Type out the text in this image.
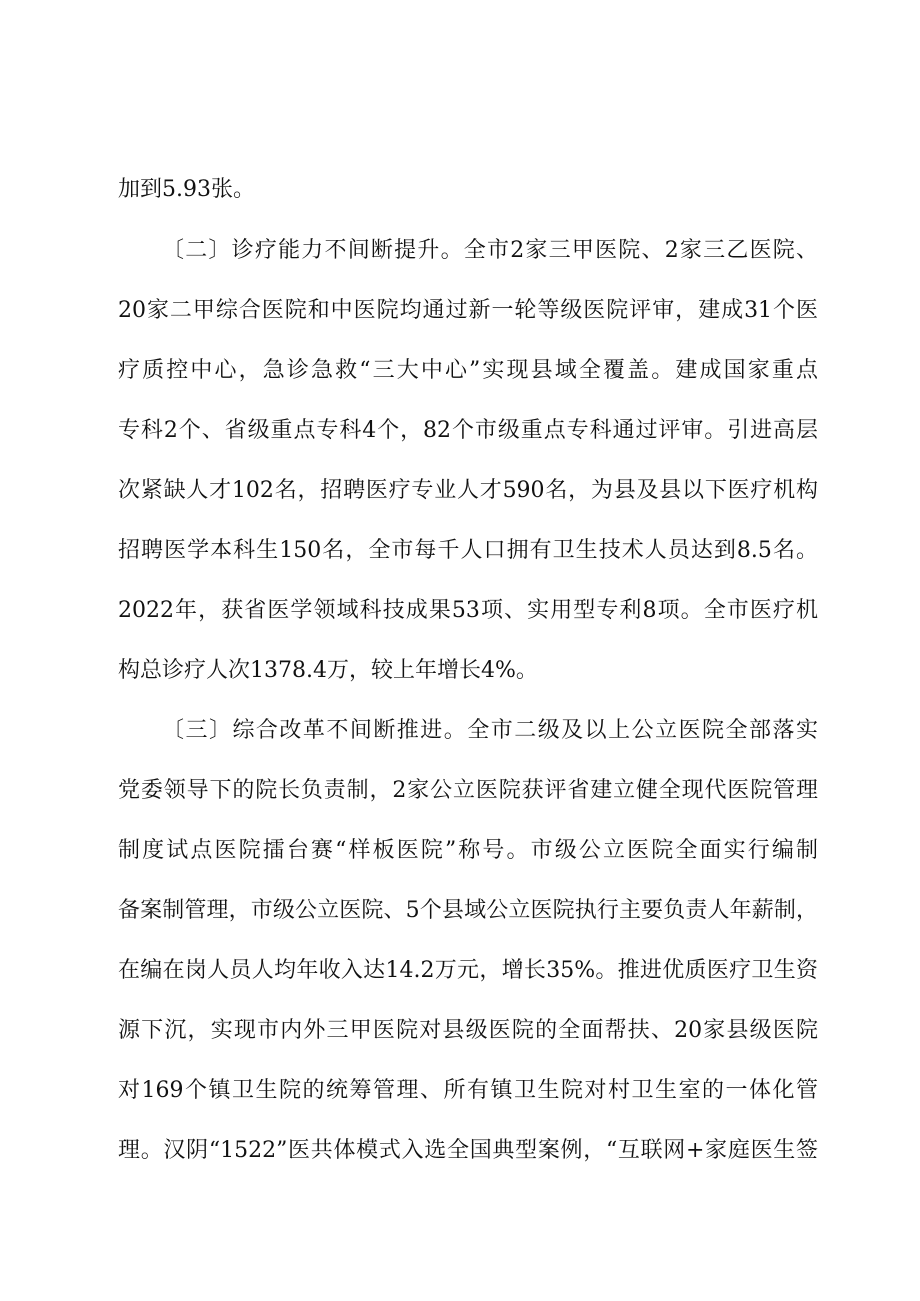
加到5.93张。
〔二〕诊疗能力不间断提升。全市2家三甲医院、2家三乙医院、
20家二甲综合医院和中医院均通过新一轮等级医院评审，建成31个医
疗质控中心，急诊急救“三大中心”实现县域全覆盖。建成国家重点
专科2个、省级重点专科4个，82个市级重点专科通过评审。引进高层
次紧缺人才102名，招聘医疗专业人才590名，为县及县以下医疗机构
招聘医学本科生150名，全市每千人口拥有卫生技术人员达到8.5名。
2022年，获省医学领域科技成果53项、实用型专利8项。全市医疗机
构总诊疗人次1378.4万，较上年增长4%。
〔三〕综合改革不间断推进。全市二级及以上公立医院全部落实
党委领导下的院长负责制，2家公立医院获评省建立健全现代医院管理
制度试点医院擂台赛“样板医院”称号。市级公立医院全面实行编制
备案制管理，市级公立医院、5个县域公立医院执行主要负责人年薪制，
在编在岗人员人均年收入达14.2万元，增长35%。推进优质医疗卫生资
源下沉，实现市内外三甲医院对县级医院的全面帮扶、20家县级医院
对169个镇卫生院的统筹管理、所有镇卫生院对村卫生室的一体化管
理。汉阴“1522”医共体模式入选全国典型案例，“互联网+家庭医生签
